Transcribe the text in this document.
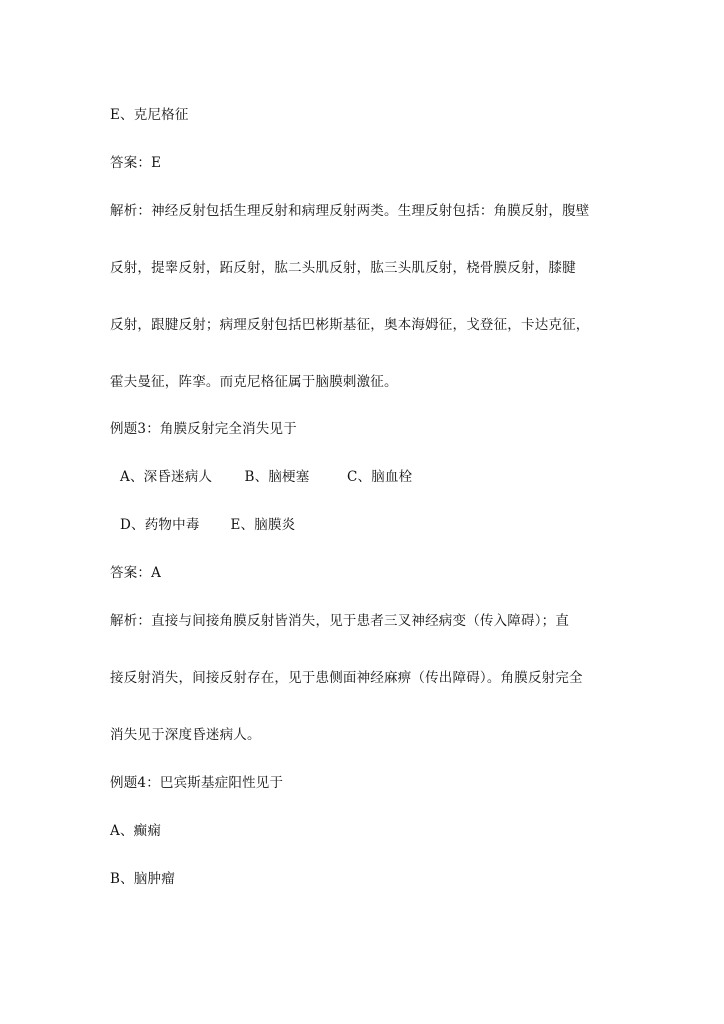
E、克尼格征
答案：E
解析：神经反射包括生理反射和病理反射两类。生理反射包括：角膜反射，腹壁
反射，提睾反射，跖反射，肱二头肌反射，肱三头肌反射，桡骨膜反射，膝腱
反射，跟腱反射；病理反射包括巴彬斯基征，奥本海姆征，戈登征，卡达克征，
霍夫曼征，阵挛。而克尼格征属于脑膜刺激征。
例题3：角膜反射完全消失见于
A、深昏迷病人 B、脑梗塞	C、脑血栓
D、药物中毒 E、脑膜炎
答案：A
解析：直接与间接角膜反射皆消失，见于患者三叉神经病变（传入障碍）；直
接反射消失，间接反射存在，见于患侧面神经麻痹（传出障碍）。角膜反射完全
消失见于深度昏迷病人。
例题4：巴宾斯基症阳性见于
A、癫痫
B、脑肿瘤
